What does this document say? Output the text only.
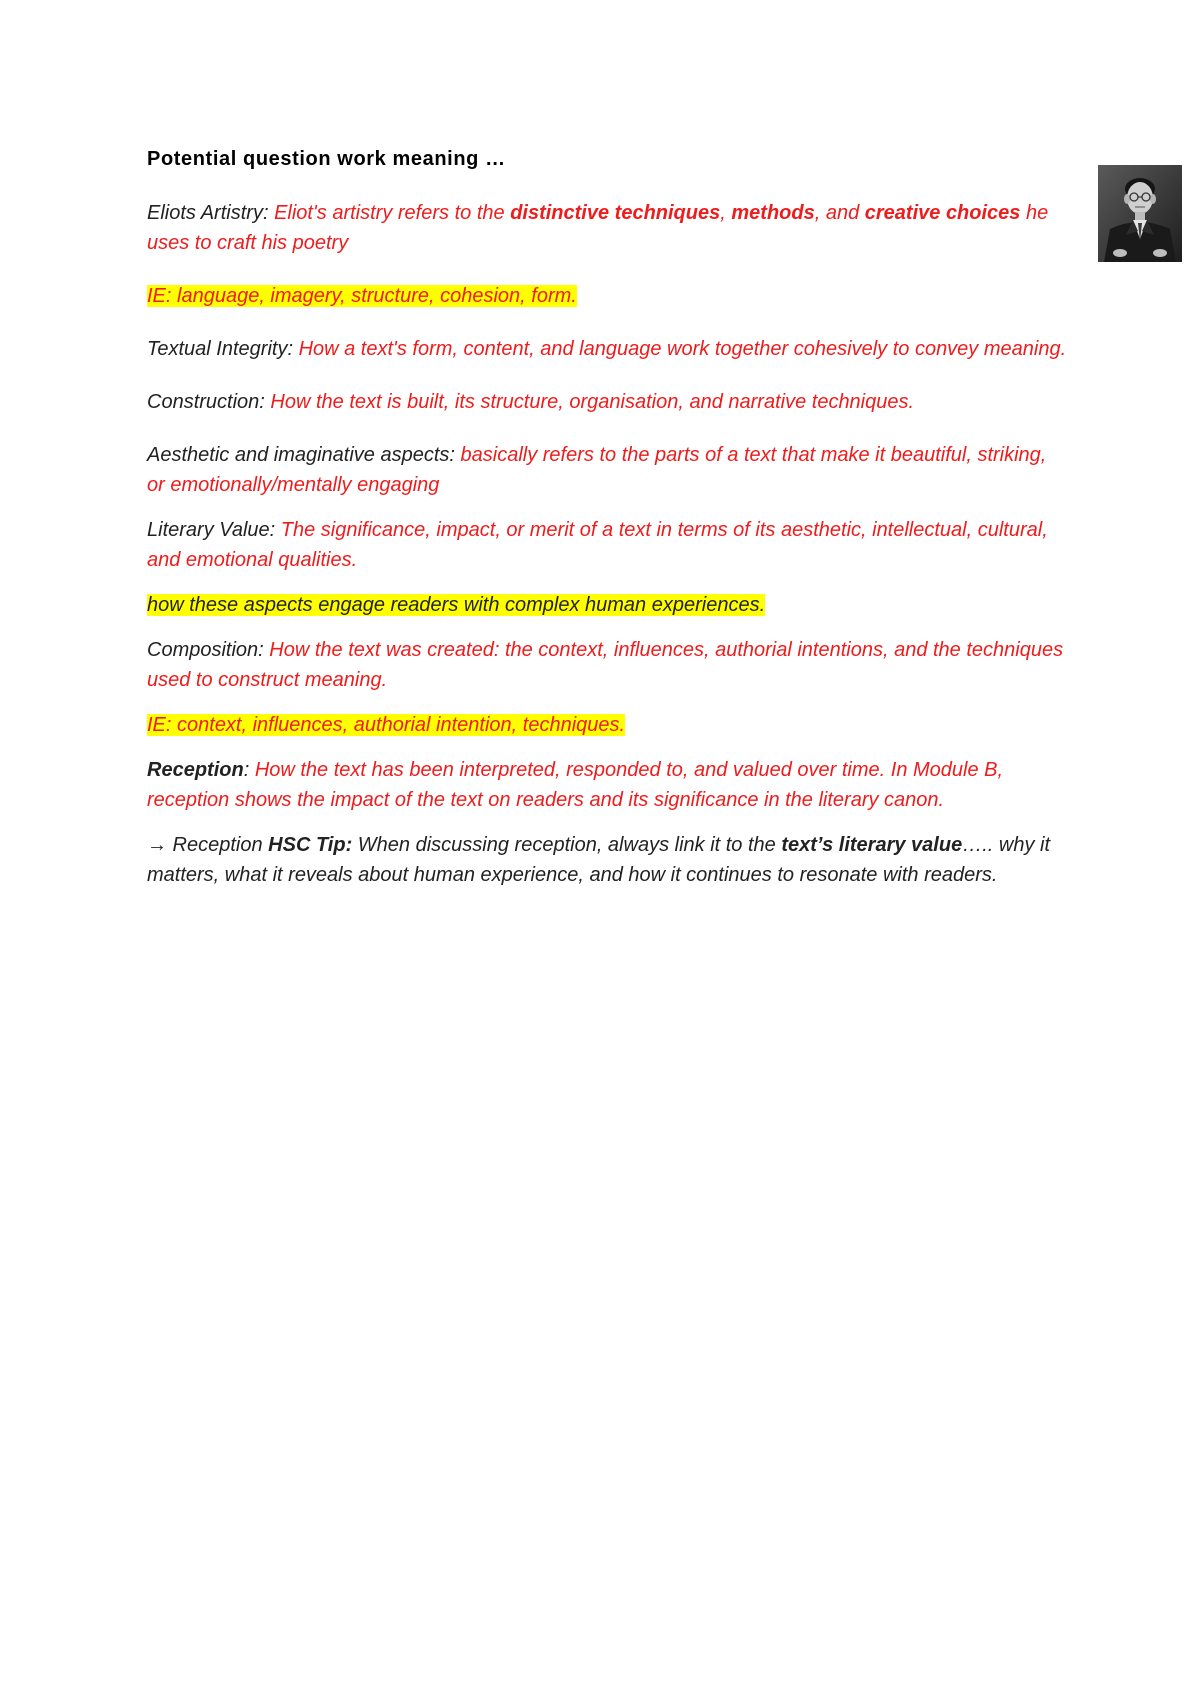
Potential question work meaning …

Eliots Artistry: Eliot's artistry refers to the distinctive techniques, methods, and creative choices he uses to craft his poetry

IE: language, imagery, structure, cohesion, form.

Textual Integrity: How a text's form, content, and language work together cohesively to convey meaning.

Construction: How the text is built, its structure, organisation, and narrative techniques.

Aesthetic and imaginative aspects: basically refers to the parts of a text that make it beautiful, striking, or emotionally/mentally engaging

Literary Value: The significance, impact, or merit of a text in terms of its aesthetic, intellectual, cultural, and emotional qualities.

how these aspects engage readers with complex human experiences.

Composition: How the text was created: the context, influences, authorial intentions, and the techniques used to construct meaning.

IE: context, influences, authorial intention, techniques.

Reception: How the text has been interpreted, responded to, and valued over time. In Module B, reception shows the impact of the text on readers and its significance in the literary canon.

→ Reception HSC Tip: When discussing reception, always link it to the text’s literary value….. why it matters, what it reveals about human experience, and how it continues to resonate with readers.
